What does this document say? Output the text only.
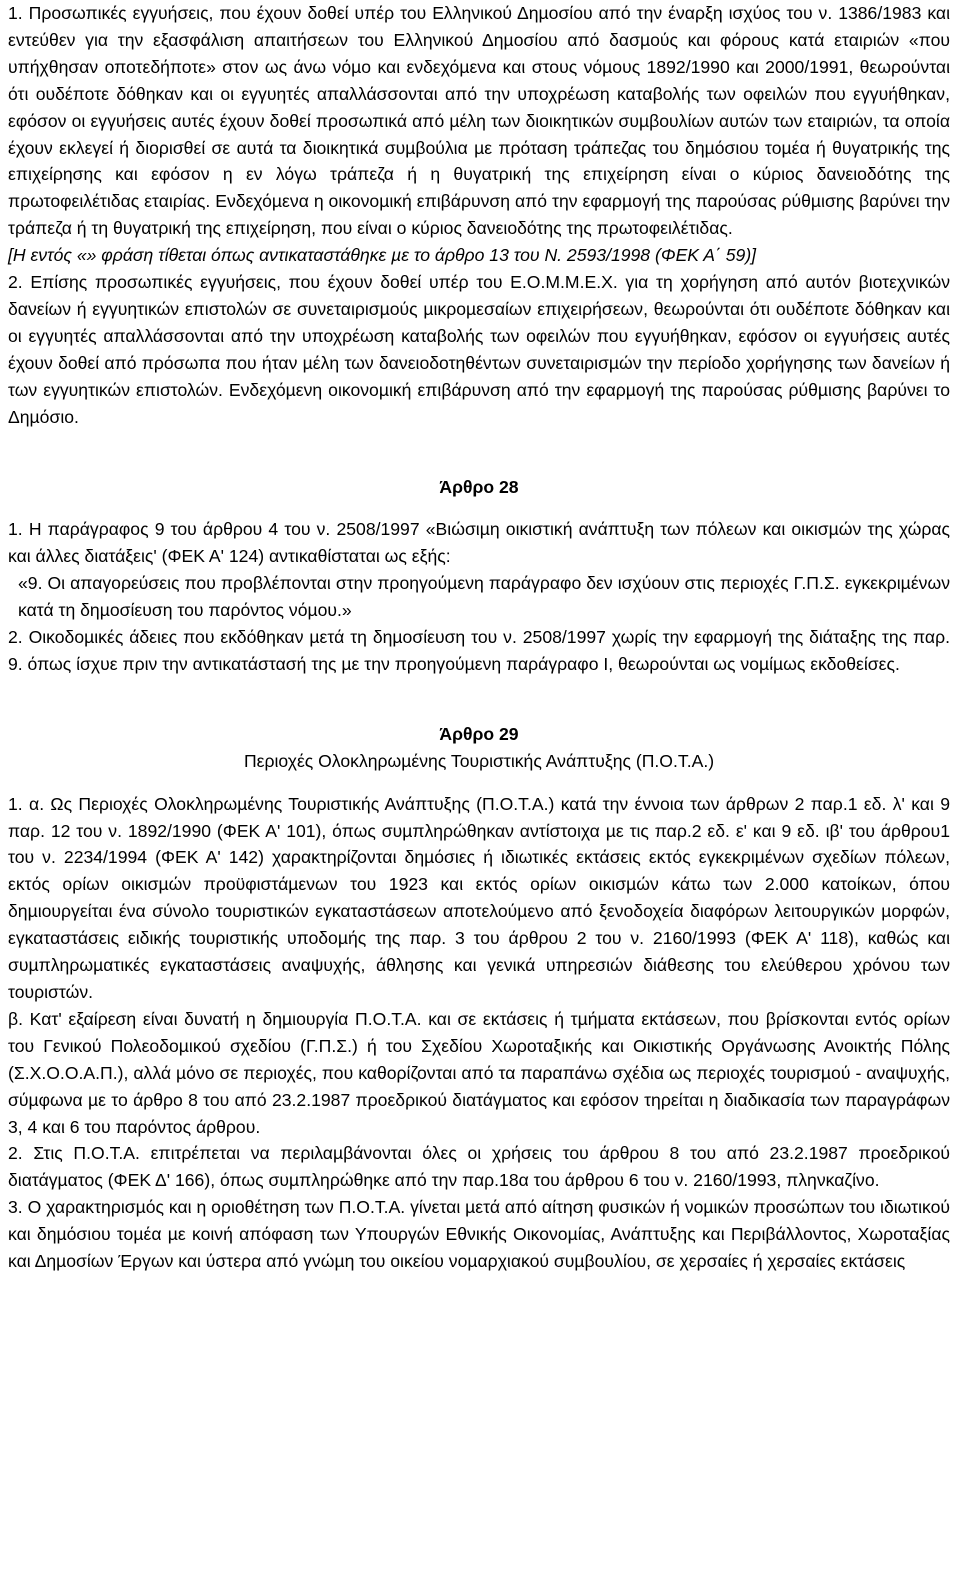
1. Προσωπικές εγγυήσεις, που έχουν δοθεί υπέρ του Ελληνικού Δηµοσίου από την έναρξη ισχύος του ν. 1386/1983 και εντεύθεν για την εξασφάλιση απαιτήσεων του Ελληνικού Δηµοσίου από δασµούς και φόρους κατά εταιριών «που υπήχθησαν οποτεδήποτε» στον ως άνω νόµο και ενδεχόµενα και στους νόµους 1892/1990 και 2000/1991, θεωρούνται ότι ουδέποτε δόθηκαν και οι εγγυητές απαλλάσσονται από την υποχρέωση καταβολής των οφειλών που εγγυήθηκαν, εφόσον οι εγγυήσεις αυτές έχουν δοθεί προσωπικά από µέλη των διοικητικών συµβουλίων αυτών των εταιριών, τα οποία έχουν εκλεγεί ή διορισθεί σε αυτά τα διοικητικά συµβούλια µε πρόταση τράπεζας του δηµόσιου τοµέα ή θυγατρικής της επιχείρησης και εφόσον η εν λόγω τράπεζα ή η θυγατρική της επιχείρηση είναι ο κύριος δανειοδότης της πρωτοφειλέτιδας εταιρίας. Ενδεχόµενα η οικονοµική επιβάρυνση από την εφαρµογή της παρούσας ρύθµισης βαρύνει την τράπεζα ή τη θυγατρική της επιχείρηση, που είναι ο κύριος δανειοδότης της πρωτοφειλέτιδας.

[Η εντός «» φράση τίθεται όπως αντικαταστάθηκε µε το άρθρο 13 του Ν. 2593/1998 (ΦΕΚ Α΄ 59)]

2. Επίσης προσωπικές εγγυήσεις, που έχουν δοθεί υπέρ του Ε.Ο.Μ.Μ.Ε.Χ. για τη χορήγηση από αυτόν βιοτεχνικών δανείων ή εγγυητικών επιστολών σε συνεταιρισµούς µικροµεσαίων επιχειρήσεων, θεωρούνται ότι ουδέποτε δόθηκαν και οι εγγυητές απαλλάσσονται από την υποχρέωση καταβολής των οφειλών που εγγυήθηκαν, εφόσον οι εγγυήσεις αυτές έχουν δοθεί από πρόσωπα που ήταν µέλη των δανειοδοτηθέντων συνεταιρισµών την περίοδο χορήγησης των δανείων ή των εγγυητικών επιστολών. Ενδεχόµενη οικονοµική επιβάρυνση από την εφαρµογή της παρούσας ρύθµισης βαρύνει το Δηµόσιο.

Άρθρο 28

1. Η παράγραφος 9 του άρθρου 4 του ν. 2508/1997 «Βιώσιµη οικιστική ανάπτυξη των πόλεων και οικισµών της χώρας και άλλες διατάξεις' (ΦΕΚ Α' 124) αντικαθίσταται ως εξής:

«9. Οι απαγορεύσεις που προβλέπονται στην προηγούµενη παράγραφο δεν ισχύουν στις περιοχές Γ.Π.Σ. εγκεκριµένων κατά τη δηµοσίευση του παρόντος νόµου.»

2. Οικοδοµικές άδειες που εκδόθηκαν µετά τη δηµοσίευση του ν. 2508/1997 χωρίς την εφαρµογή της διάταξης της παρ. 9. όπως ίσχυε πριν την αντικατάστασή της µε την προηγούµενη παράγραφο I, θεωρούνται ως νοµίµως εκδοθείσες.

Άρθρο 29
Περιοχές Ολοκληρωµένης Τουριστικής Ανάπτυξης (Π.Ο.Τ.Α.)

1. α. Ως Περιοχές Ολοκληρωµένης Τουριστικής Ανάπτυξης (Π.Ο.Τ.Α.) κατά την έννοια των άρθρων 2 παρ.1 εδ. λ' και 9 παρ. 12 του ν. 1892/1990 (ΦΕΚ Α' 101), όπως συµπληρώθηκαν αντίστοιχα µε τις παρ.2 εδ. ε' και 9 εδ. ιβ' του άρθρου1 του ν. 2234/1994 (ΦΕΚ Α' 142) χαρακτηρίζονται δηµόσιες ή ιδιωτικές εκτάσεις εκτός εγκεκριµένων σχεδίων πόλεων, εκτός ορίων οικισµών προϋφιστάµενων του 1923 και εκτός ορίων οικισµών κάτω των 2.000 κατοίκων, όπου δηµιουργείται ένα σύνολο τουριστικών εγκαταστάσεων αποτελούµενο από ξενοδοχεία διαφόρων λειτουργικών µορφών, εγκαταστάσεις ειδικής τουριστικής υποδοµής της παρ. 3 του άρθρου 2 του ν. 2160/1993 (ΦΕΚ Α' 118), καθώς και συµπληρωµατικές εγκαταστάσεις αναψυχής, άθλησης και γενικά υπηρεσιών διάθεσης του ελεύθερου χρόνου των τουριστών.

β. Κατ' εξαίρεση είναι δυνατή η δηµιουργία Π.Ο.Τ.Α. και σε εκτάσεις ή τµήµατα εκτάσεων, που βρίσκονται εντός ορίων του Γενικού Πολεοδοµικού σχεδίου (Γ.Π.Σ.) ή του Σχεδίου Χωροταξικής και Οικιστικής Οργάνωσης Ανοικτής Πόλης (Σ.Χ.Ο.Ο.Α.Π.), αλλά µόνο σε περιοχές, που καθορίζονται από τα παραπάνω σχέδια ως περιοχές τουρισµού - αναψυχής, σύµφωνα µε το άρθρο 8 του από 23.2.1987 προεδρικού διατάγµατος και εφόσον τηρείται η διαδικασία των παραγράφων 3, 4 και 6 του παρόντος άρθρου.

2. Στις Π.Ο.Τ.Α. επιτρέπεται να περιλαµβάνονται όλες οι χρήσεις του άρθρου 8 του από 23.2.1987 προεδρικού διατάγµατος (ΦΕΚ Δ' 166), όπως συµπληρώθηκε από την παρ.18α του άρθρου 6 του ν. 2160/1993, πληνκαζίνο.

3. Ο χαρακτηρισµός και η οριοθέτηση των Π.Ο.Τ.Α. γίνεται µετά από αίτηση φυσικών ή νοµικών προσώπων του ιδιωτικού και δηµόσιου τοµέα µε κοινή απόφαση των Υπουργών Εθνικής Οικονοµίας, Ανάπτυξης και Περιβάλλοντος, Χωροταξίας και Δηµοσίων Έργων και ύστερα από γνώµη του οικείου νοµαρχιακού συµβουλίου, σε χερσαίες ή χερσαίες εκτάσεις
